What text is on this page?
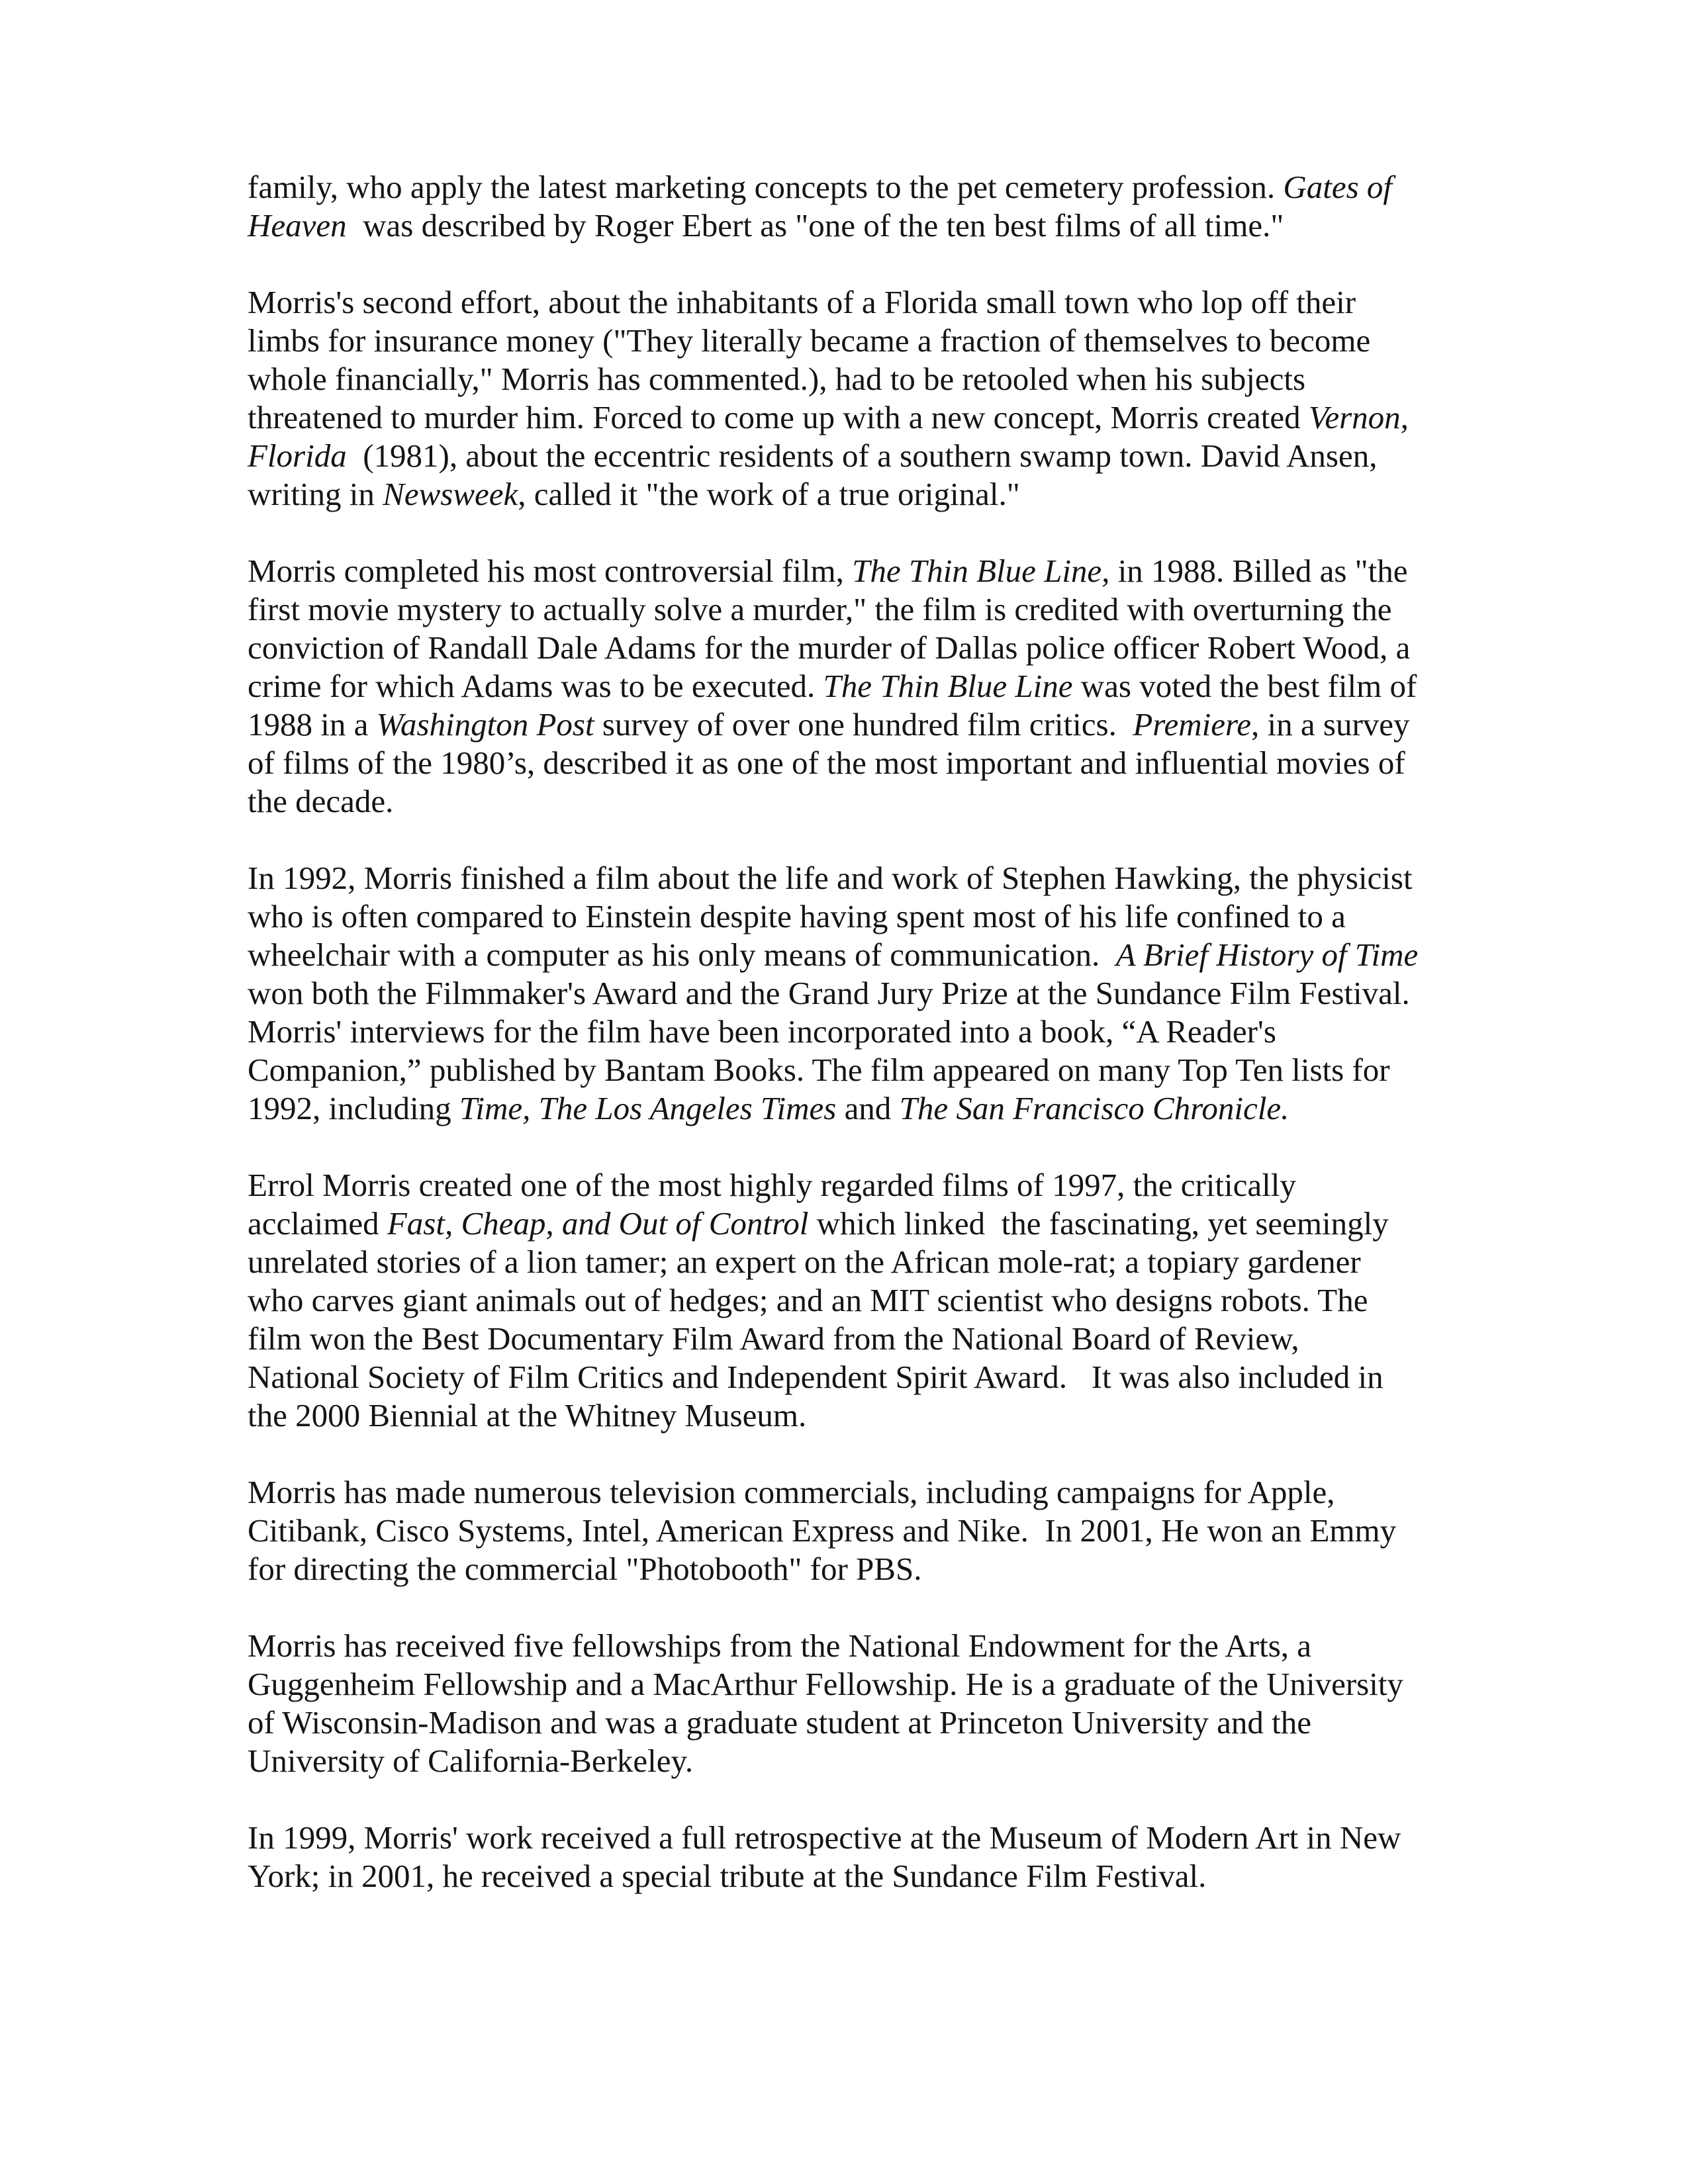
family, who apply the latest marketing concepts to the pet cemetery profession. Gates of
Heaven  was described by Roger Ebert as "one of the ten best films of all time."

Morris's second effort, about the inhabitants of a Florida small town who lop off their
limbs for insurance money ("They literally became a fraction of themselves to become
whole financially," Morris has commented.), had to be retooled when his subjects
threatened to murder him. Forced to come up with a new concept, Morris created Vernon,
Florida  (1981), about the eccentric residents of a southern swamp town. David Ansen,
writing in Newsweek, called it "the work of a true original."

Morris completed his most controversial film, The Thin Blue Line, in 1988. Billed as "the
first movie mystery to actually solve a murder," the film is credited with overturning the
conviction of Randall Dale Adams for the murder of Dallas police officer Robert Wood, a
crime for which Adams was to be executed. The Thin Blue Line was voted the best film of
1988 in a Washington Post survey of over one hundred film critics.  Premiere, in a survey
of films of the 1980’s, described it as one of the most important and influential movies of
the decade.

In 1992, Morris finished a film about the life and work of Stephen Hawking, the physicist
who is often compared to Einstein despite having spent most of his life confined to a
wheelchair with a computer as his only means of communication.  A Brief History of Time
won both the Filmmaker's Award and the Grand Jury Prize at the Sundance Film Festival.
Morris' interviews for the film have been incorporated into a book, “A Reader's
Companion,” published by Bantam Books. The film appeared on many Top Ten lists for
1992, including Time, The Los Angeles Times and The San Francisco Chronicle.

Errol Morris created one of the most highly regarded films of 1997, the critically
acclaimed Fast, Cheap, and Out of Control which linked  the fascinating, yet seemingly
unrelated stories of a lion tamer; an expert on the African mole-rat; a topiary gardener
who carves giant animals out of hedges; and an MIT scientist who designs robots. The
film won the Best Documentary Film Award from the National Board of Review,
National Society of Film Critics and Independent Spirit Award.   It was also included in
the 2000 Biennial at the Whitney Museum.

Morris has made numerous television commercials, including campaigns for Apple,
Citibank, Cisco Systems, Intel, American Express and Nike.  In 2001, He won an Emmy
for directing the commercial "Photobooth" for PBS.

Morris has received five fellowships from the National Endowment for the Arts, a
Guggenheim Fellowship and a MacArthur Fellowship. He is a graduate of the University
of Wisconsin-Madison and was a graduate student at Princeton University and the
University of California-Berkeley.

In 1999, Morris' work received a full retrospective at the Museum of Modern Art in New
York; in 2001, he received a special tribute at the Sundance Film Festival.
